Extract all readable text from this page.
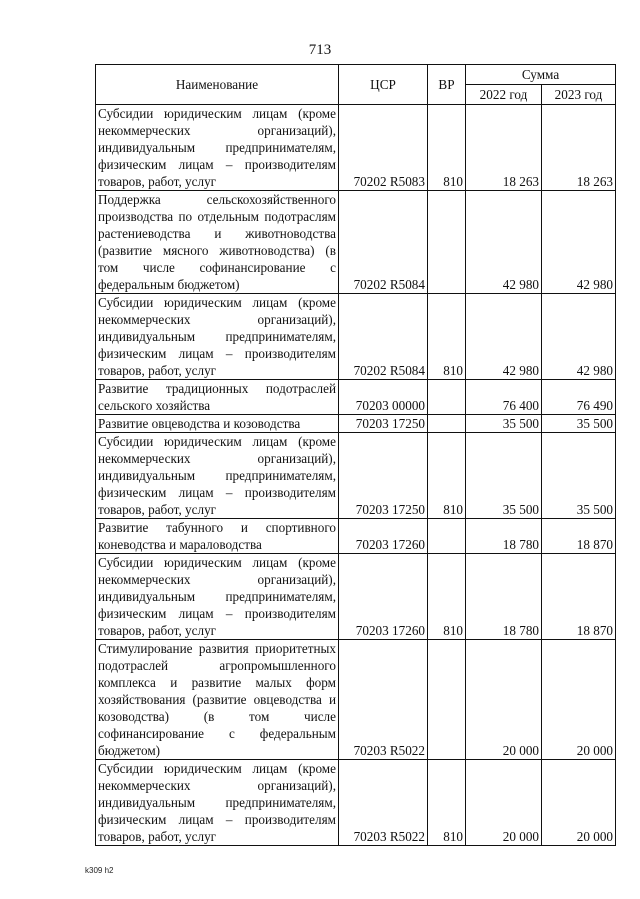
713
Наименование	ЦСР	ВР	Сумма	
			2022 год	2023 год
Субсидии юридическим лицам (кроме некоммерческих организаций), индивидуальным предпринимателям, физическим лицам – производителям товаров, работ, услуг	70202 R5083	810	18 263	18 263
Поддержка сельскохозяйственного производства по отдельным подотраслям растениеводства и животноводства (развитие мясного животноводства) (в том числе софинансирование с федеральным бюджетом)	70202 R5084		42 980	42 980
Субсидии юридическим лицам (кроме некоммерческих организаций), индивидуальным предпринимателям, физическим лицам – производителям товаров, работ, услуг	70202 R5084	810	42 980	42 980
Развитие традиционных подотраслей сельского хозяйства	70203 00000		76 400	76 490
Развитие овцеводства и козоводства	70203 17250		35 500	35 500
Субсидии юридическим лицам (кроме некоммерческих организаций), индивидуальным предпринимателям, физическим лицам – производителям товаров, работ, услуг	70203 17250	810	35 500	35 500
Развитие табунного и спортивного коневодства и мараловодства	70203 17260		18 780	18 870
Субсидии юридическим лицам (кроме некоммерческих организаций), индивидуальным предпринимателям, физическим лицам – производителям товаров, работ, услуг	70203 17260	810	18 780	18 870
Стимулирование развития приоритетных подотраслей агропромышленного комплекса и развитие малых форм хозяйствования (развитие овцеводства и козоводства) (в том числе софинансирование с федеральным бюджетом)	70203 R5022		20 000	20 000
Субсидии юридическим лицам (кроме некоммерческих организаций), индивидуальным предпринимателям, физическим лицам – производителям товаров, работ, услуг	70203 R5022	810	20 000	20 000
k309 h2
